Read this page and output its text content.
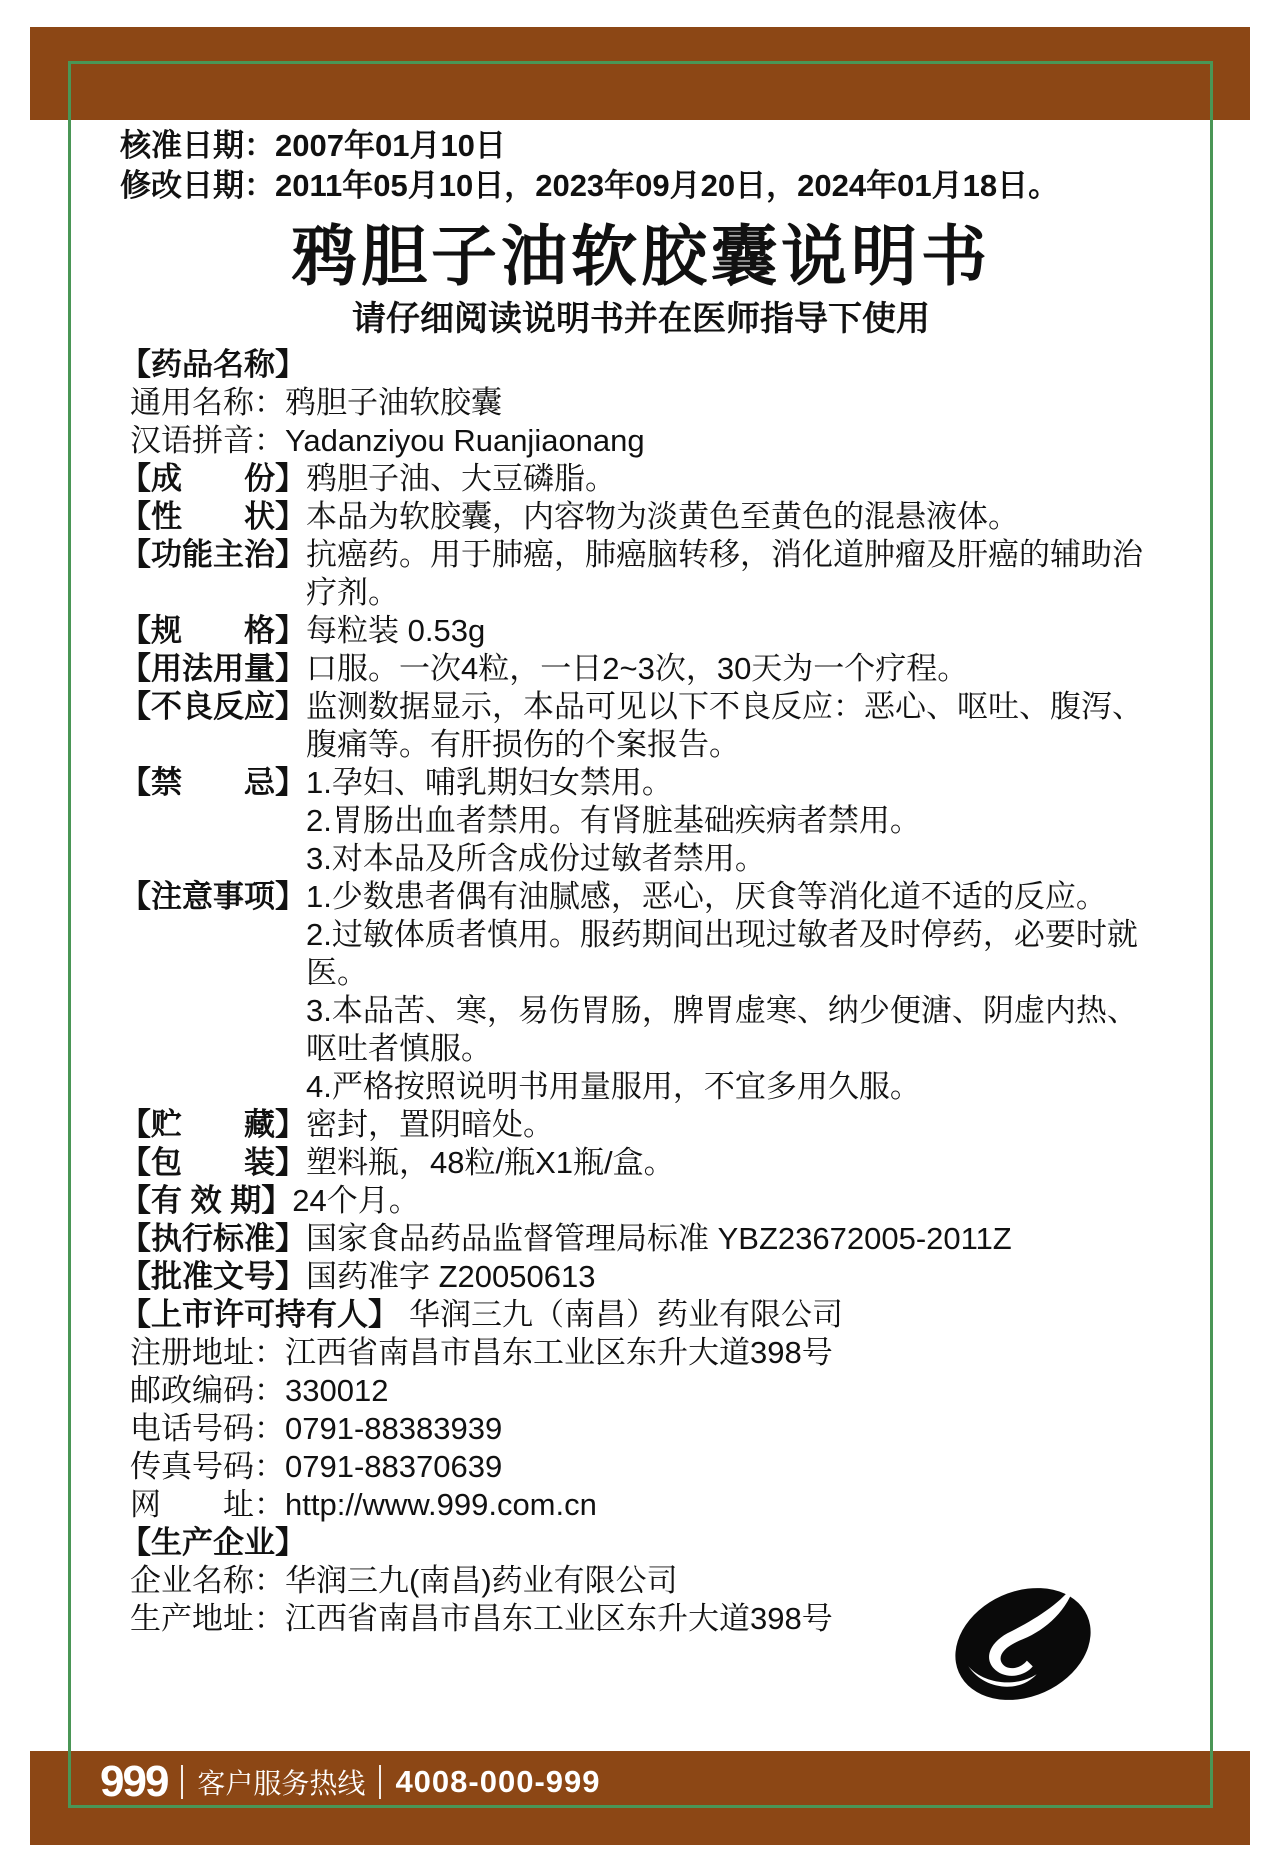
核准日期：2007年01月10日
修改日期：2011年05月10日，2023年09月20日，2024年01月18日。
鸦胆子油软胶囊说明书
请仔细阅读说明书并在医师指导下使用
【药品名称】
通用名称： 鸦胆子油软胶囊
汉语拼音： Yadanziyou Ruanjiaonang
【成　　份】 鸦胆子油、大豆磷脂。
【性　　状】 本品为软胶囊，内容物为淡黄色至黄色的混悬液体。
【功能主治】 抗癌药。用于肺癌，肺癌脑转移，消化道肿瘤及肝癌的辅助治疗剂。
【规　　格】 每粒装 0.53g
【用法用量】 口服。一次4粒，一日2~3次，30天为一个疗程。
【不良反应】 监测数据显示，本品可见以下不良反应：恶心、呕吐、腹泻、腹痛等。有肝损伤的个案报告。
【禁　　忌】 1.孕妇、哺乳期妇女禁用。
2.胃肠出血者禁用。有肾脏基础疾病者禁用。
3.对本品及所含成份过敏者禁用。
【注意事项】 1.少数患者偶有油腻感，恶心，厌食等消化道不适的反应。
2.过敏体质者慎用。服药期间出现过敏者及时停药，必要时就医。
3.本品苦、寒，易伤胃肠，脾胃虚寒、纳少便溏、阴虚内热、呕吐者慎服。
4.严格按照说明书用量服用，不宜多用久服。
【贮　　藏】 密封，置阴暗处。
【包　　装】 塑料瓶，48粒/瓶X1瓶/盒。
【有 效 期】 24个月。
【执行标准】 国家食品药品监督管理局标准 YBZ23672005-2011Z
【批准文号】 国药准字 Z20050613
【上市许可持有人】 华润三九（南昌）药业有限公司
注册地址： 江西省南昌市昌东工业区东升大道398号
邮政编码： 330012
电话号码： 0791-88383939
传真号码： 0791-88370639
网　　址： http://www.999.com.cn
【生产企业】
企业名称： 华润三九(南昌)药业有限公司
生产地址： 江西省南昌市昌东工业区东升大道398号
999 客户服务热线 4008-000-999
